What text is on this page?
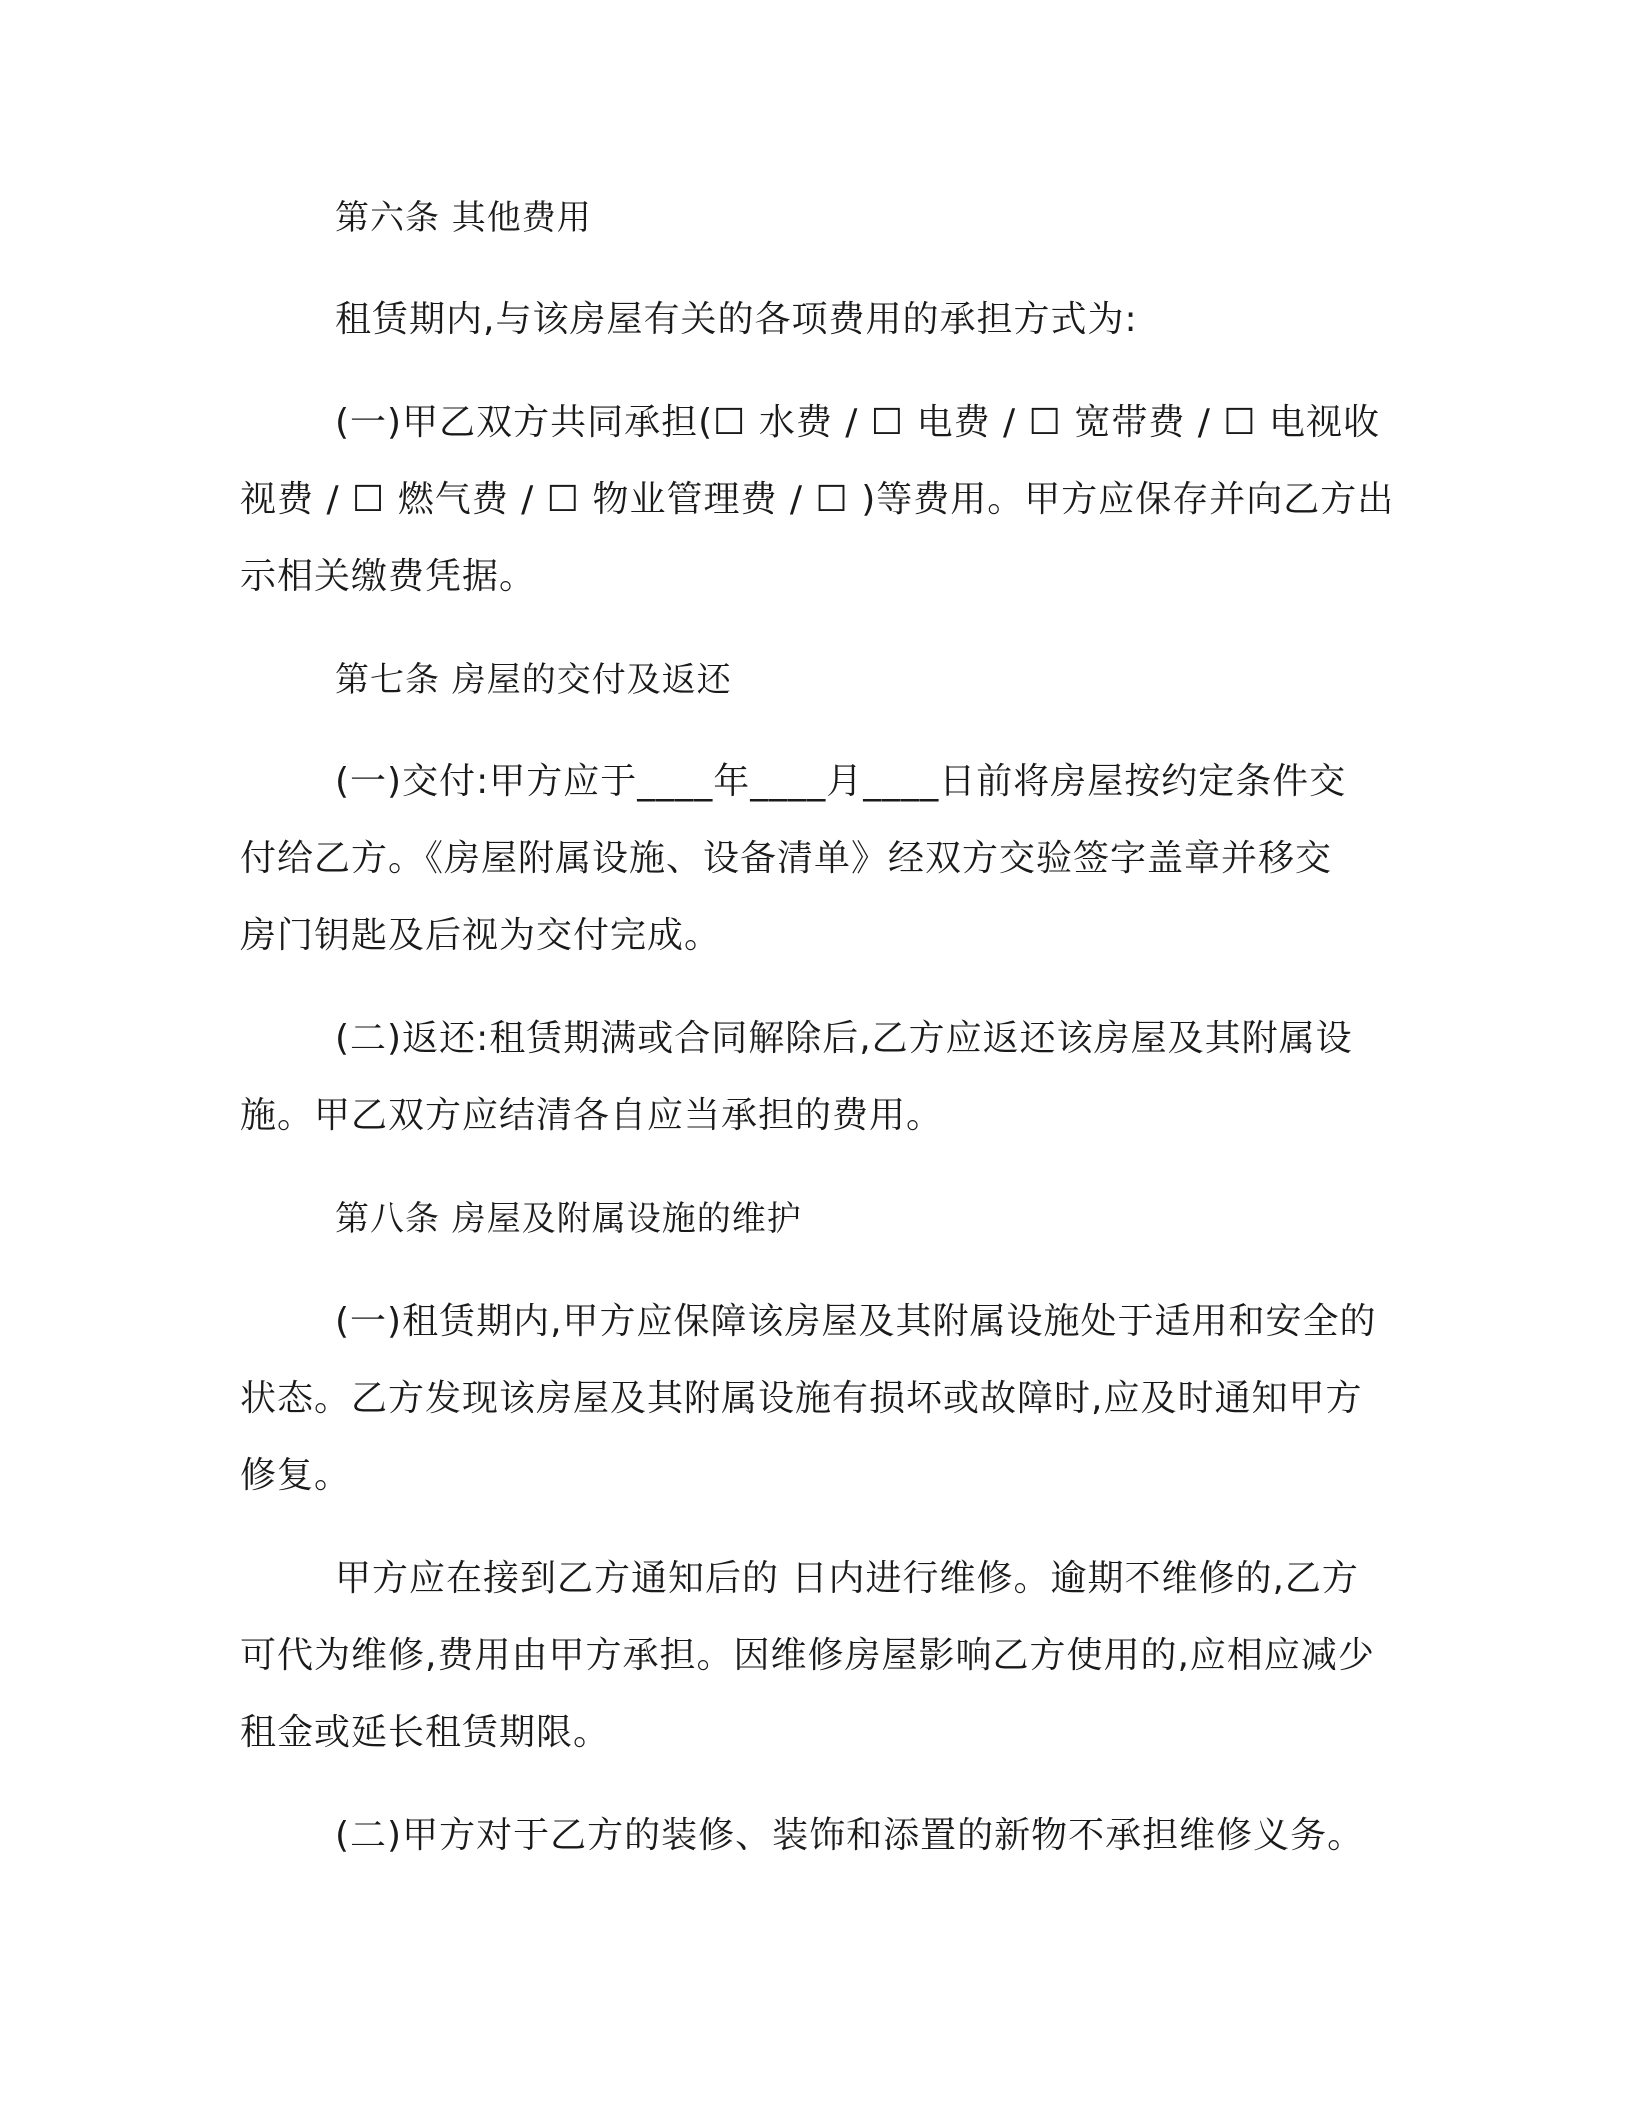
第六条 其他费用
租赁期内,与该房屋有关的各项费用的承担方式为:
(一)甲乙双方共同承担(☐ 水费 / ☐ 电费 / ☐ 宽带费 / ☐ 电视收
视费 / ☐ 燃气费 / ☐ 物业管理费 / ☐ )等费用。甲方应保存并向乙方出
示相关缴费凭据。
第七条 房屋的交付及返还
(一)交付:甲方应于____年____月____日前将房屋按约定条件交
付给乙方。《房屋附属设施、设备清单》经双方交验签字盖章并移交
房门钥匙及后视为交付完成。
(二)返还:租赁期满或合同解除后,乙方应返还该房屋及其附属设
施。甲乙双方应结清各自应当承担的费用。
第八条 房屋及附属设施的维护
(一)租赁期内,甲方应保障该房屋及其附属设施处于适用和安全的
状态。乙方发现该房屋及其附属设施有损坏或故障时,应及时通知甲方
修复。
甲方应在接到乙方通知后的 日内进行维修。逾期不维修的,乙方
可代为维修,费用由甲方承担。因维修房屋影响乙方使用的,应相应减少
租金或延长租赁期限。
(二)甲方对于乙方的装修、装饰和添置的新物不承担维修义务。
